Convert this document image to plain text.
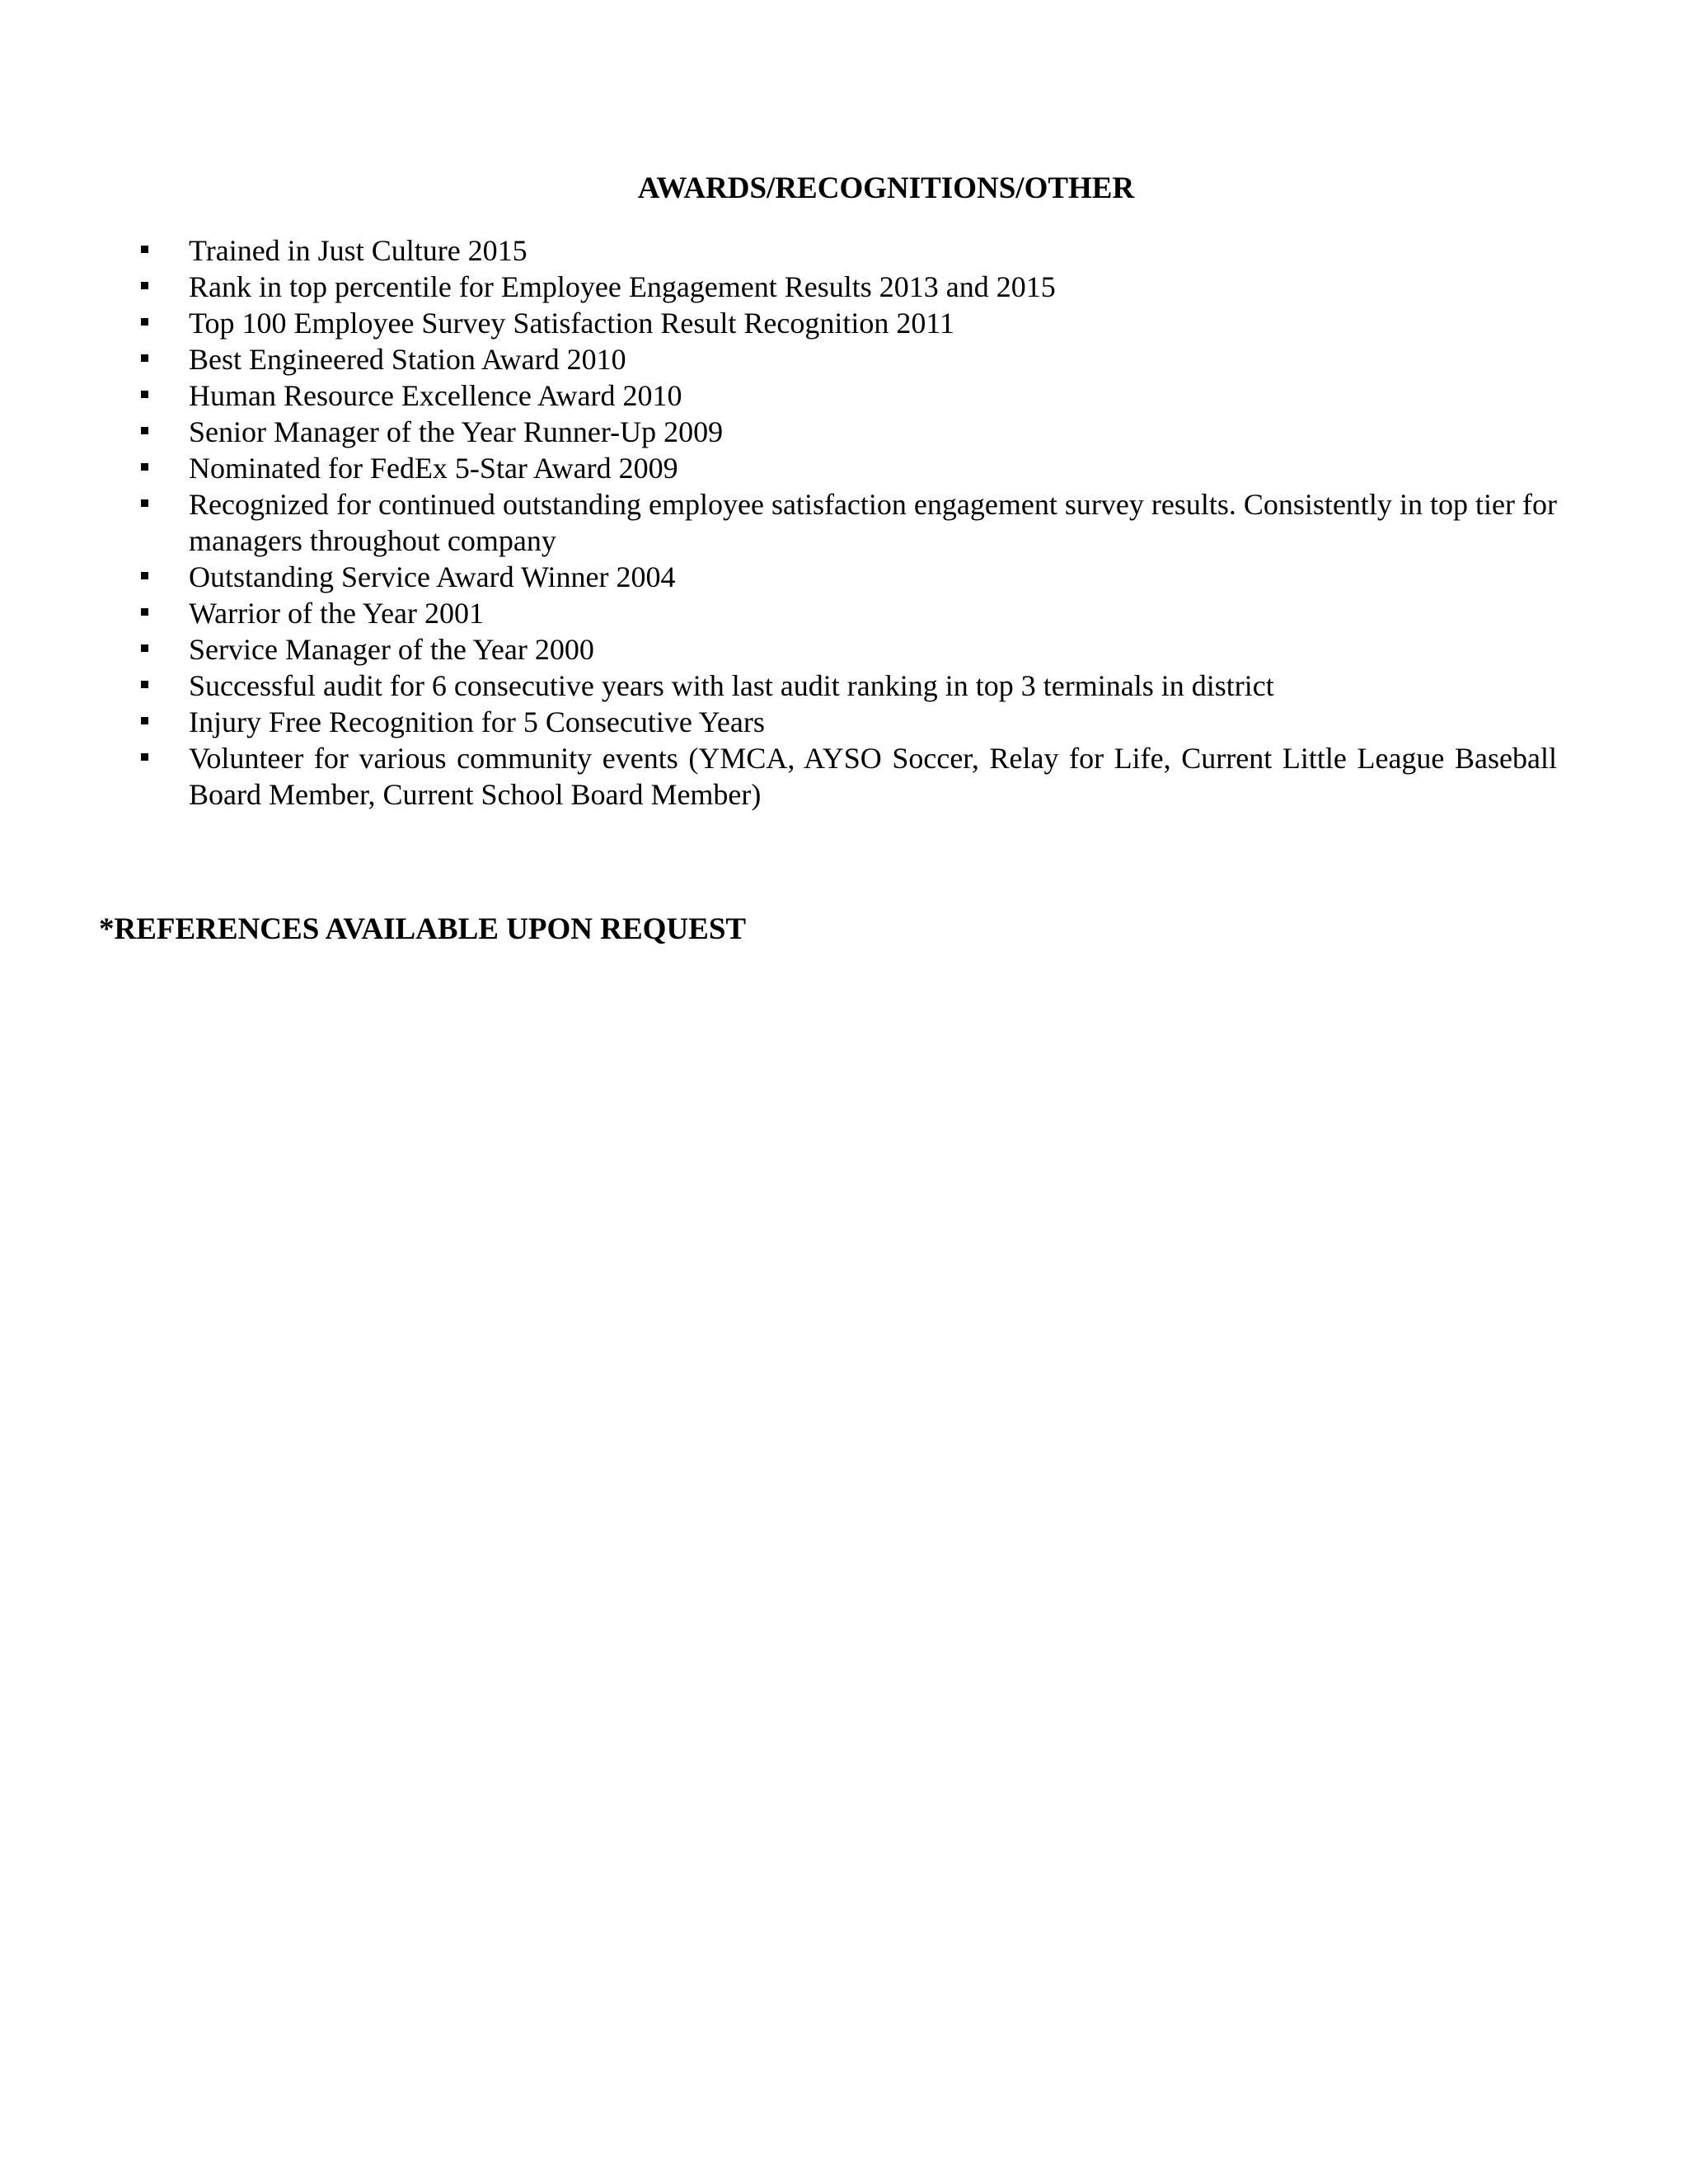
AWARDS/RECOGNITIONS/OTHER
Trained in Just Culture 2015
Rank in top percentile for Employee Engagement Results 2013 and 2015
Top 100 Employee Survey Satisfaction Result Recognition 2011
Best Engineered Station Award 2010
Human Resource Excellence Award 2010
Senior Manager of the Year Runner-Up 2009
Nominated for FedEx 5-Star Award 2009
Recognized for continued outstanding employee satisfaction engagement survey results. Consistently in top tier for managers throughout company
Outstanding Service Award Winner 2004
Warrior of the Year 2001
Service Manager of the Year 2000
Successful audit for 6 consecutive years with last audit ranking in top 3 terminals in district
Injury Free Recognition for 5 Consecutive Years
Volunteer for various community events (YMCA, AYSO Soccer, Relay for Life, Current Little League Baseball Board Member, Current School Board Member)
*REFERENCES AVAILABLE UPON REQUEST
